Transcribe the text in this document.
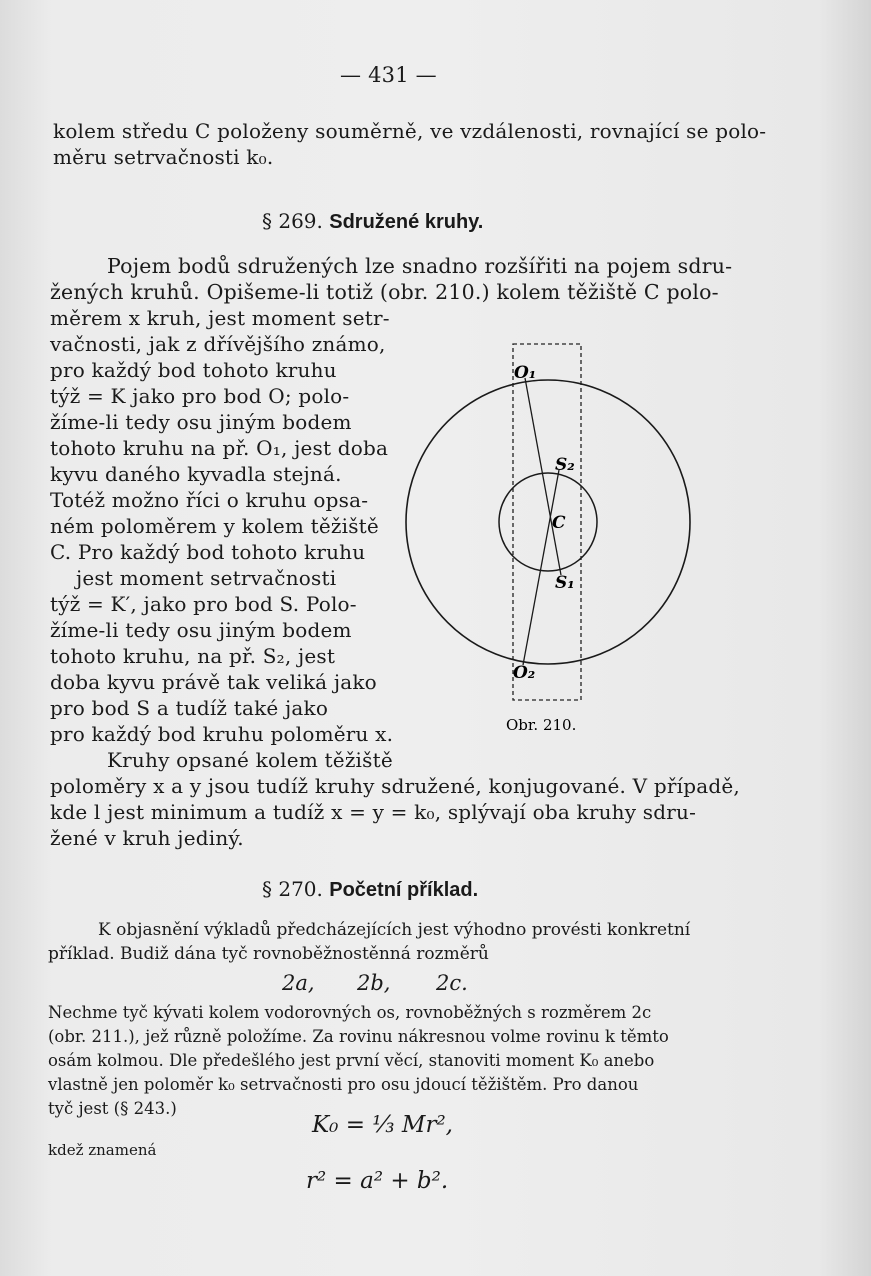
— 431 —
kolem středu C položeny souměrně, ve vzdálenosti, rovnající se polo-
měru setrvačnosti k₀.
§ 269. Sdružené kruhy.
Pojem bodů sdružených lze snadno rozšířiti na pojem sdru-
žených kruhů. Opišeme-li totiž (obr. 210.) kolem těžiště C polo-
měrem x kruh, jest moment setr-
vačnosti, jak z dřívějšího známo,
pro každý bod tohoto kruhu
týž = K jako pro bod O; polo-
žíme-li tedy osu jiným bodem
tohoto kruhu na př. O₁, jest doba
kyvu daného kyvadla stejná.
Totéž možno říci o kruhu opsa-
ném poloměrem y kolem těžiště
C. Pro každý bod tohoto kruhu
jest moment setrvačnosti
týž = K′, jako pro bod S. Polo-
žíme-li tedy osu jiným bodem
tohoto kruhu, na př. S₂, jest
doba kyvu právě tak veliká jako
pro bod S a tudíž také jako
pro každý bod kruhu poloměru x.
O₁
S₂
C
S₁
O₂
Obr. 210.
Kruhy opsané kolem těžiště
poloměry x a y jsou tudíž kruhy sdružené, konjugované. V případě,
kde l jest minimum a tudíž x = y = k₀, splývají oba kruhy sdru-
žené v kruh jediný.
§ 270. Početní příklad.
K objasnění výkladů předcházejících jest výhodno provésti konkretní
příklad. Budiž dána tyč rovnoběžnostěnná rozměrů
2a, 2b, 2c.
Nechme tyč kývati kolem vodorovných os, rovnoběžných s rozměrem 2c
(obr. 211.), jež různě položíme. Za rovinu nákresnou volme rovinu k těmto
osám kolmou. Dle předešlého jest první věcí, stanoviti moment K₀ anebo
vlastně jen poloměr k₀ setrvačnosti pro osu jdoucí těžištěm. Pro danou
tyč jest (§ 243.)
K₀ = ⅓ Mr²,
kdež znamená
r² = a² + b².
